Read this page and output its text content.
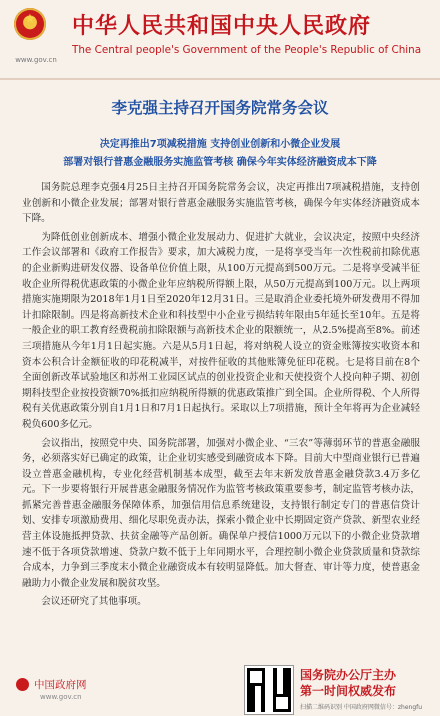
★
www.gov.cn
中华人民共和国中央人民政府
The Central people's Government of the People's Republic of China
李克强主持召开国务院常务会议
决定再推出7项减税措施 支持创业创新和小微企业发展
部署对银行普惠金融服务实施监管考核 确保今年实体经济融资成本下降

国务院总理李克强4月25日主持召开国务院常务会议，决定再推出7项减税措施，支持创业创新和小微企业发展；部署对银行普惠金融服务实施监管考核，确保今年实体经济融资成本下降。

为降低创业创新成本、增强小微企业发展动力、促进扩大就业，会议决定，按照中央经济工作会议部署和《政府工作报告》要求，加大减税力度，一是将享受当年一次性税前扣除优惠的企业新购进研发仪器、设备单位价值上限，从100万元提高到500万元。二是将享受减半征收企业所得税优惠政策的小微企业年应纳税所得额上限，从50万元提高到100万元。以上两项措施实施期限为2018年1月1日至2020年12月31日。三是取消企业委托境外研发费用不得加计扣除限制。四是将高新技术企业和科技型中小企业亏损结转年限由5年延长至10年。五是将一般企业的职工教育经费税前扣除限额与高新技术企业的限额统一，从2.5%提高至8%。前述三项措施从今年1月1日起实施。六是从5月1日起，将对纳税人设立的资金账簿按实收资本和资本公积合计金额征收的印花税减半，对按件征收的其他账簿免征印花税。七是将目前在8个全面创新改革试验地区和苏州工业园区试点的创业投资企业和天使投资个人投向种子期、初创期科技型企业按投资额70%抵扣应纳税所得额的优惠政策推广到全国。企业所得税、个人所得税有关优惠政策分别自1月1日和7月1日起执行。采取以上7项措施，预计全年将再为企业减轻税负600多亿元。

会议指出，按照党中央、国务院部署，加强对小微企业、“三农”等薄弱环节的普惠金融服务，必须落实好已确定的政策，让企业切实感受到融资成本下降。目前大中型商业银行已普遍设立普惠金融机构，专业化经营机制基本成型，截至去年末新发放普惠金融贷款3.4万多亿元。下一步要将银行开展普惠金融服务情况作为监管考核政策重要参考，制定监管考核办法，抓紧完善普惠金融服务保障体系，加强信用信息系统建设，支持银行制定专门的普惠信贷计划、安排专项激励费用、细化尽职免责办法，探索小微企业中长期固定资产贷款、新型农业经营主体设施抵押贷款、扶贫金融等产品创新。确保单户授信1000万元以下的小微企业贷款增速不低于各项贷款增速、贷款户数不低于上年同期水平，合理控制小微企业贷款质量和贷款综合成本，力争到三季度末小微企业融资成本有较明显降低。加大督查、审计等力度，使普惠金融助力小微企业发展和脱贫攻坚。

会议还研究了其他事项。

中国政府网
www.gov.cn
国务院办公厅主办
第一时间权威发布
扫描二维码识别 中国政府网微信号：zhengfu
